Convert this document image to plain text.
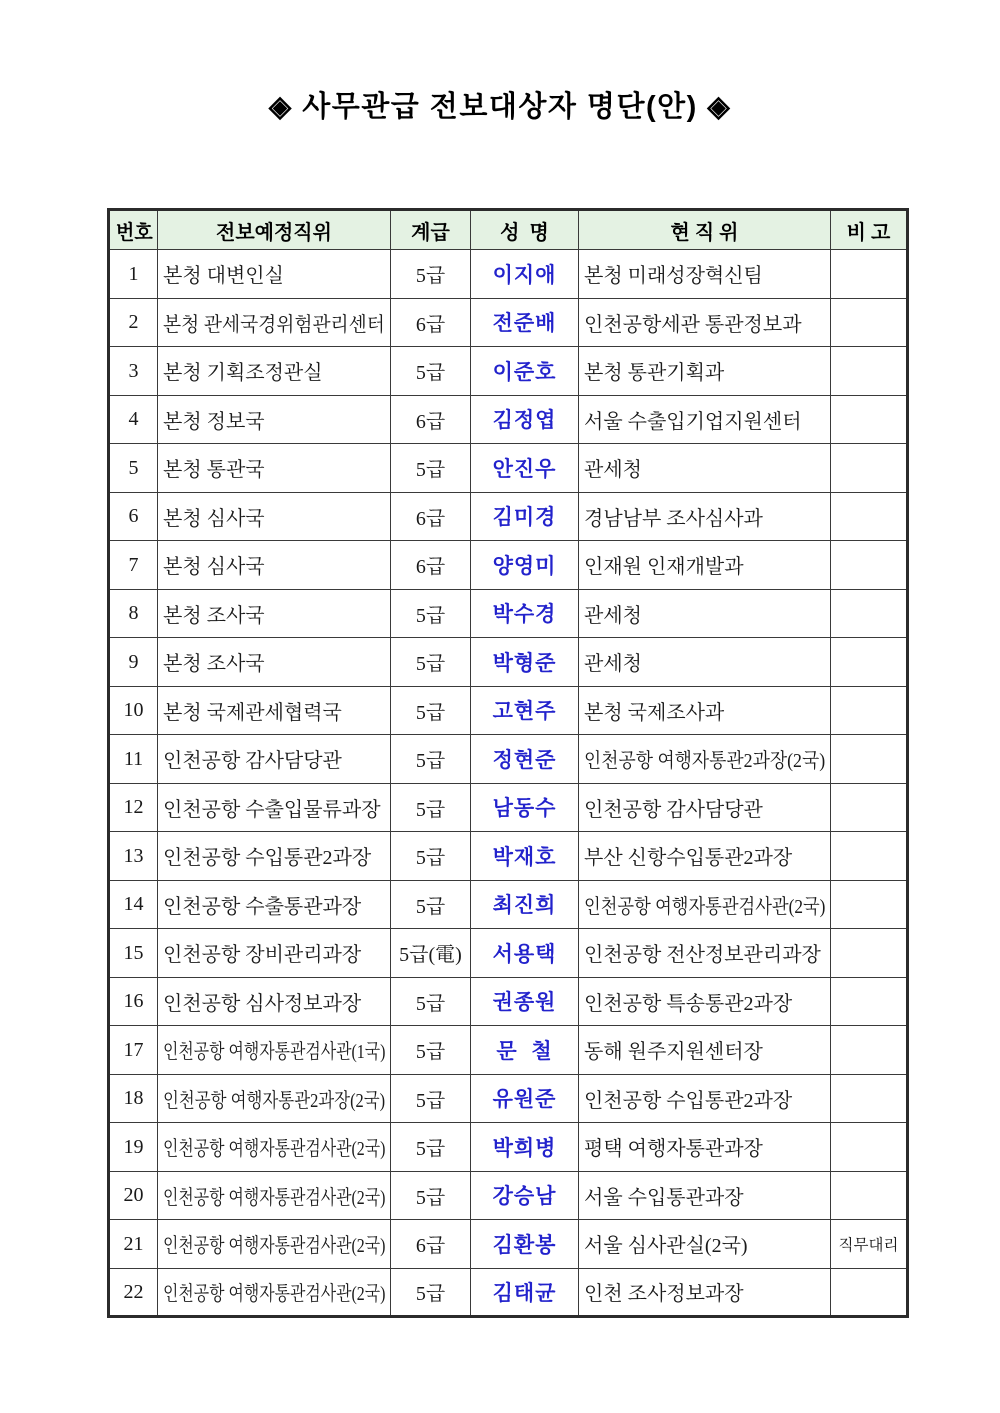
◈ 사무관급 전보대상자 명단(안) ◈
번호	전보예정직위	계급	성  명	현 직 위	비 고
1	본청 대변인실	5급	이지애	본청 미래성장혁신팀	
2	본청 관세국경위험관리센터	6급	전준배	인천공항세관 통관정보과	
3	본청 기획조정관실	5급	이준호	본청 통관기획과	
4	본청 정보국	6급	김정엽	서울 수출입기업지원센터	
5	본청 통관국	5급	안진우	관세청	
6	본청 심사국	6급	김미경	경남남부 조사심사과	
7	본청 심사국	6급	양영미	인재원 인재개발과	
8	본청 조사국	5급	박수경	관세청	
9	본청 조사국	5급	박형준	관세청	
10	본청 국제관세협력국	5급	고현주	본청 국제조사과	
11	인천공항 감사담당관	5급	정현준	인천공항 여행자통관2과장(2국)	
12	인천공항 수출입물류과장	5급	남동수	인천공항 감사담당관	
13	인천공항 수입통관2과장	5급	박재호	부산 신항수입통관2과장	
14	인천공항 수출통관과장	5급	최진희	인천공항 여행자통관검사관(2국)	
15	인천공항 장비관리과장	5급(電)	서용택	인천공항 전산정보관리과장	
16	인천공항 심사정보과장	5급	권종원	인천공항 특송통관2과장	
17	인천공항 여행자통관검사관(1국)	5급	문  철	동해 원주지원센터장	
18	인천공항 여행자통관2과장(2국)	5급	유원준	인천공항 수입통관2과장	
19	인천공항 여행자통관검사관(2국)	5급	박희병	평택 여행자통관과장	
20	인천공항 여행자통관검사관(2국)	5급	강승남	서울 수입통관과장	
21	인천공항 여행자통관검사관(2국)	6급	김환봉	서울 심사관실(2국)	직무대리
22	인천공항 여행자통관검사관(2국)	5급	김태균	인천 조사정보과장	
